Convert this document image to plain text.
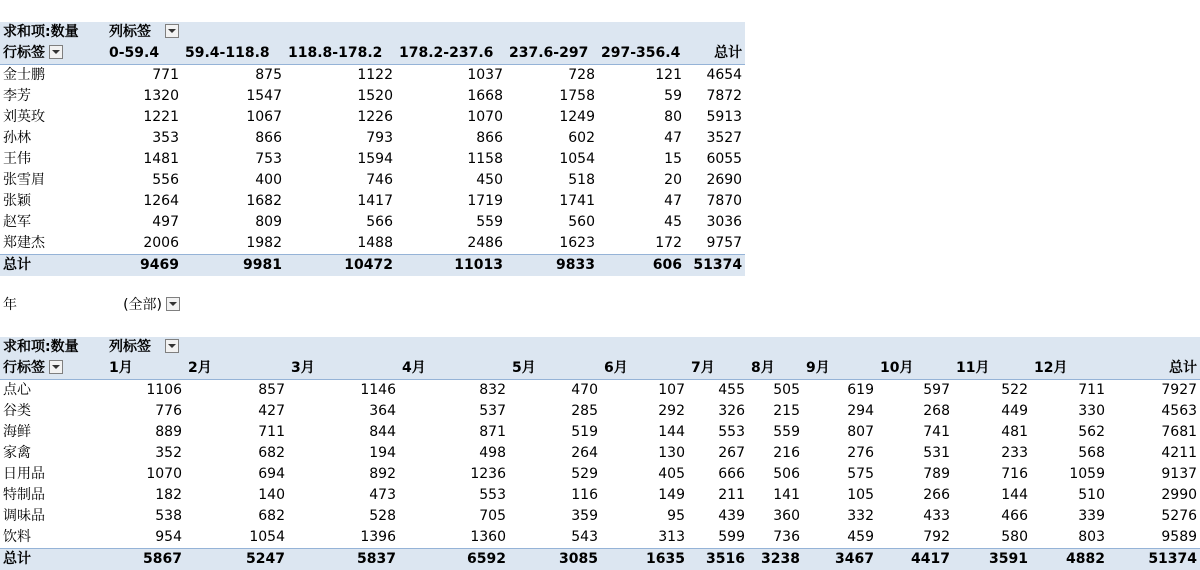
求和项:数量	列标签						
行标签	0-59.4	59.4-118.8	118.8-178.2	178.2-237.6	237.6-297	297-356.4	总计
金士鹏	771	875	1122	1037	728	121	4654
李芳	1320	1547	1520	1668	1758	59	7872
刘英玫	1221	1067	1226	1070	1249	80	5913
孙林	353	866	793	866	602	47	3527
王伟	1481	753	1594	1158	1054	15	6055
张雪眉	556	400	746	450	518	20	2690
张颖	1264	1682	1417	1719	1741	47	7870
赵军	497	809	566	559	560	45	3036
郑建杰	2006	1982	1488	2486	1623	172	9757
总计	9469	9981	10472	11013	9833	606	51374
年	(全部)
求和项:数量	列标签												
行标签	1月	2月	3月	4月	5月	6月	7月	8月	9月	10月	11月	12月	总计
点心	1106	857	1146	832	470	107	455	505	619	597	522	711	7927
谷类	776	427	364	537	285	292	326	215	294	268	449	330	4563
海鲜	889	711	844	871	519	144	553	559	807	741	481	562	7681
家禽	352	682	194	498	264	130	267	216	276	531	233	568	4211
日用品	1070	694	892	1236	529	405	666	506	575	789	716	1059	9137
特制品	182	140	473	553	116	149	211	141	105	266	144	510	2990
调味品	538	682	528	705	359	95	439	360	332	433	466	339	5276
饮料	954	1054	1396	1360	543	313	599	736	459	792	580	803	9589
总计	5867	5247	5837	6592	3085	1635	3516	3238	3467	4417	3591	4882	51374
